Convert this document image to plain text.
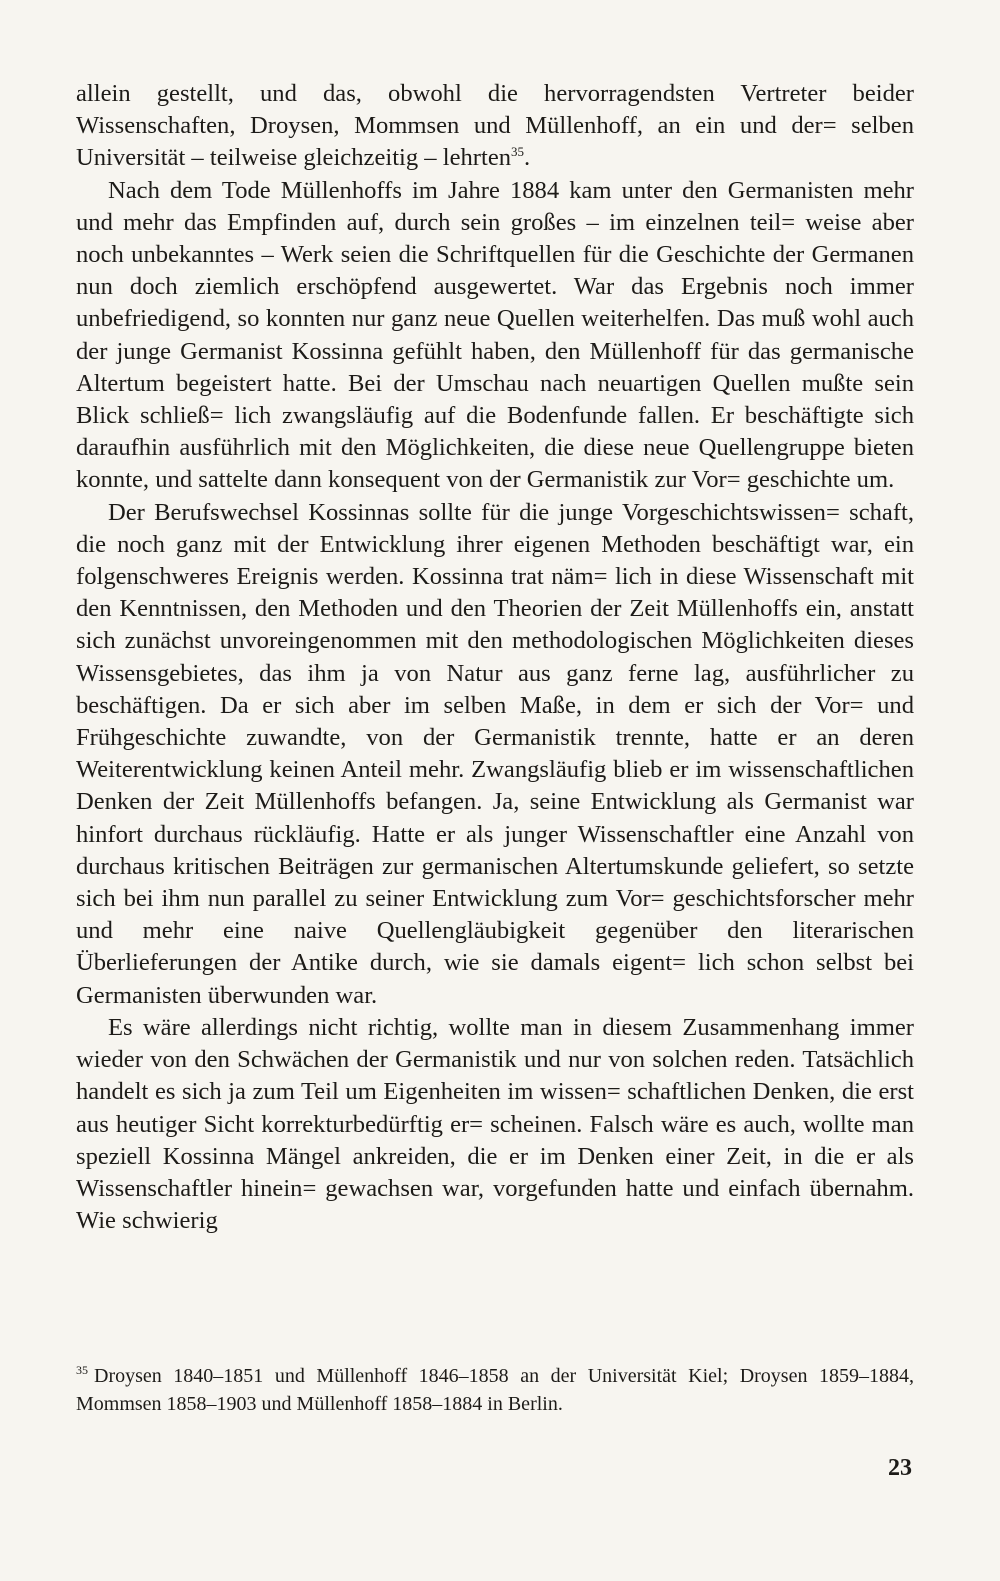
allein gestellt, und das, obwohl die hervorragendsten Vertreter beider Wissenschaften, Droysen, Mommsen und Müllenhoff, an ein und der= selben Universität – teilweise gleichzeitig – lehrten$^{35}$.

Nach dem Tode Müllenhoffs im Jahre 1884 kam unter den Germanisten mehr und mehr das Empfinden auf, durch sein großes – im einzelnen teil= weise aber noch unbekanntes – Werk seien die Schriftquellen für die Geschichte der Germanen nun doch ziemlich erschöpfend ausgewertet. War das Ergebnis noch immer unbefriedigend, so konnten nur ganz neue Quellen weiterhelfen. Das muß wohl auch der junge Germanist Kossinna gefühlt haben, den Müllenhoff für das germanische Altertum begeistert hatte. Bei der Umschau nach neuartigen Quellen mußte sein Blick schließ= lich zwangsläufig auf die Bodenfunde fallen. Er beschäftigte sich daraufhin ausführlich mit den Möglichkeiten, die diese neue Quellengruppe bieten konnte, und sattelte dann konsequent von der Germanistik zur Vor= geschichte um.

Der Berufswechsel Kossinnas sollte für die junge Vorgeschichtswissen= schaft, die noch ganz mit der Entwicklung ihrer eigenen Methoden beschäftigt war, ein folgenschweres Ereignis werden. Kossinna trat näm= lich in diese Wissenschaft mit den Kenntnissen, den Methoden und den Theorien der Zeit Müllenhoffs ein, anstatt sich zunächst unvoreingenommen mit den methodologischen Möglichkeiten dieses Wissensgebietes, das ihm ja von Natur aus ganz ferne lag, ausführlicher zu beschäftigen. Da er sich aber im selben Maße, in dem er sich der Vor= und Frühgeschichte zuwandte, von der Germanistik trennte, hatte er an deren Weiterentwicklung keinen Anteil mehr. Zwangsläufig blieb er im wissenschaftlichen Denken der Zeit Müllenhoffs befangen. Ja, seine Entwicklung als Germanist war hinfort durchaus rückläufig. Hatte er als junger Wissenschaftler eine Anzahl von durchaus kritischen Beiträgen zur germanischen Altertumskunde geliefert, so setzte sich bei ihm nun parallel zu seiner Entwicklung zum Vor= geschichtsforscher mehr und mehr eine naive Quellengläubigkeit gegenüber den literarischen Überlieferungen der Antike durch, wie sie damals eigent= lich schon selbst bei Germanisten überwunden war.

Es wäre allerdings nicht richtig, wollte man in diesem Zusammenhang immer wieder von den Schwächen der Germanistik und nur von solchen reden. Tatsächlich handelt es sich ja zum Teil um Eigenheiten im wissen= schaftlichen Denken, die erst aus heutiger Sicht korrekturbedürftig er= scheinen. Falsch wäre es auch, wollte man speziell Kossinna Mängel ankreiden, die er im Denken einer Zeit, in die er als Wissenschaftler hinein= gewachsen war, vorgefunden hatte und einfach übernahm. Wie schwierig

$^{35}$ Droysen 1840–1851 und Müllenhoff 1846–1858 an der Universität Kiel; Droysen 1859–1884, Mommsen 1858–1903 und Müllenhoff 1858–1884 in Berlin.
23
